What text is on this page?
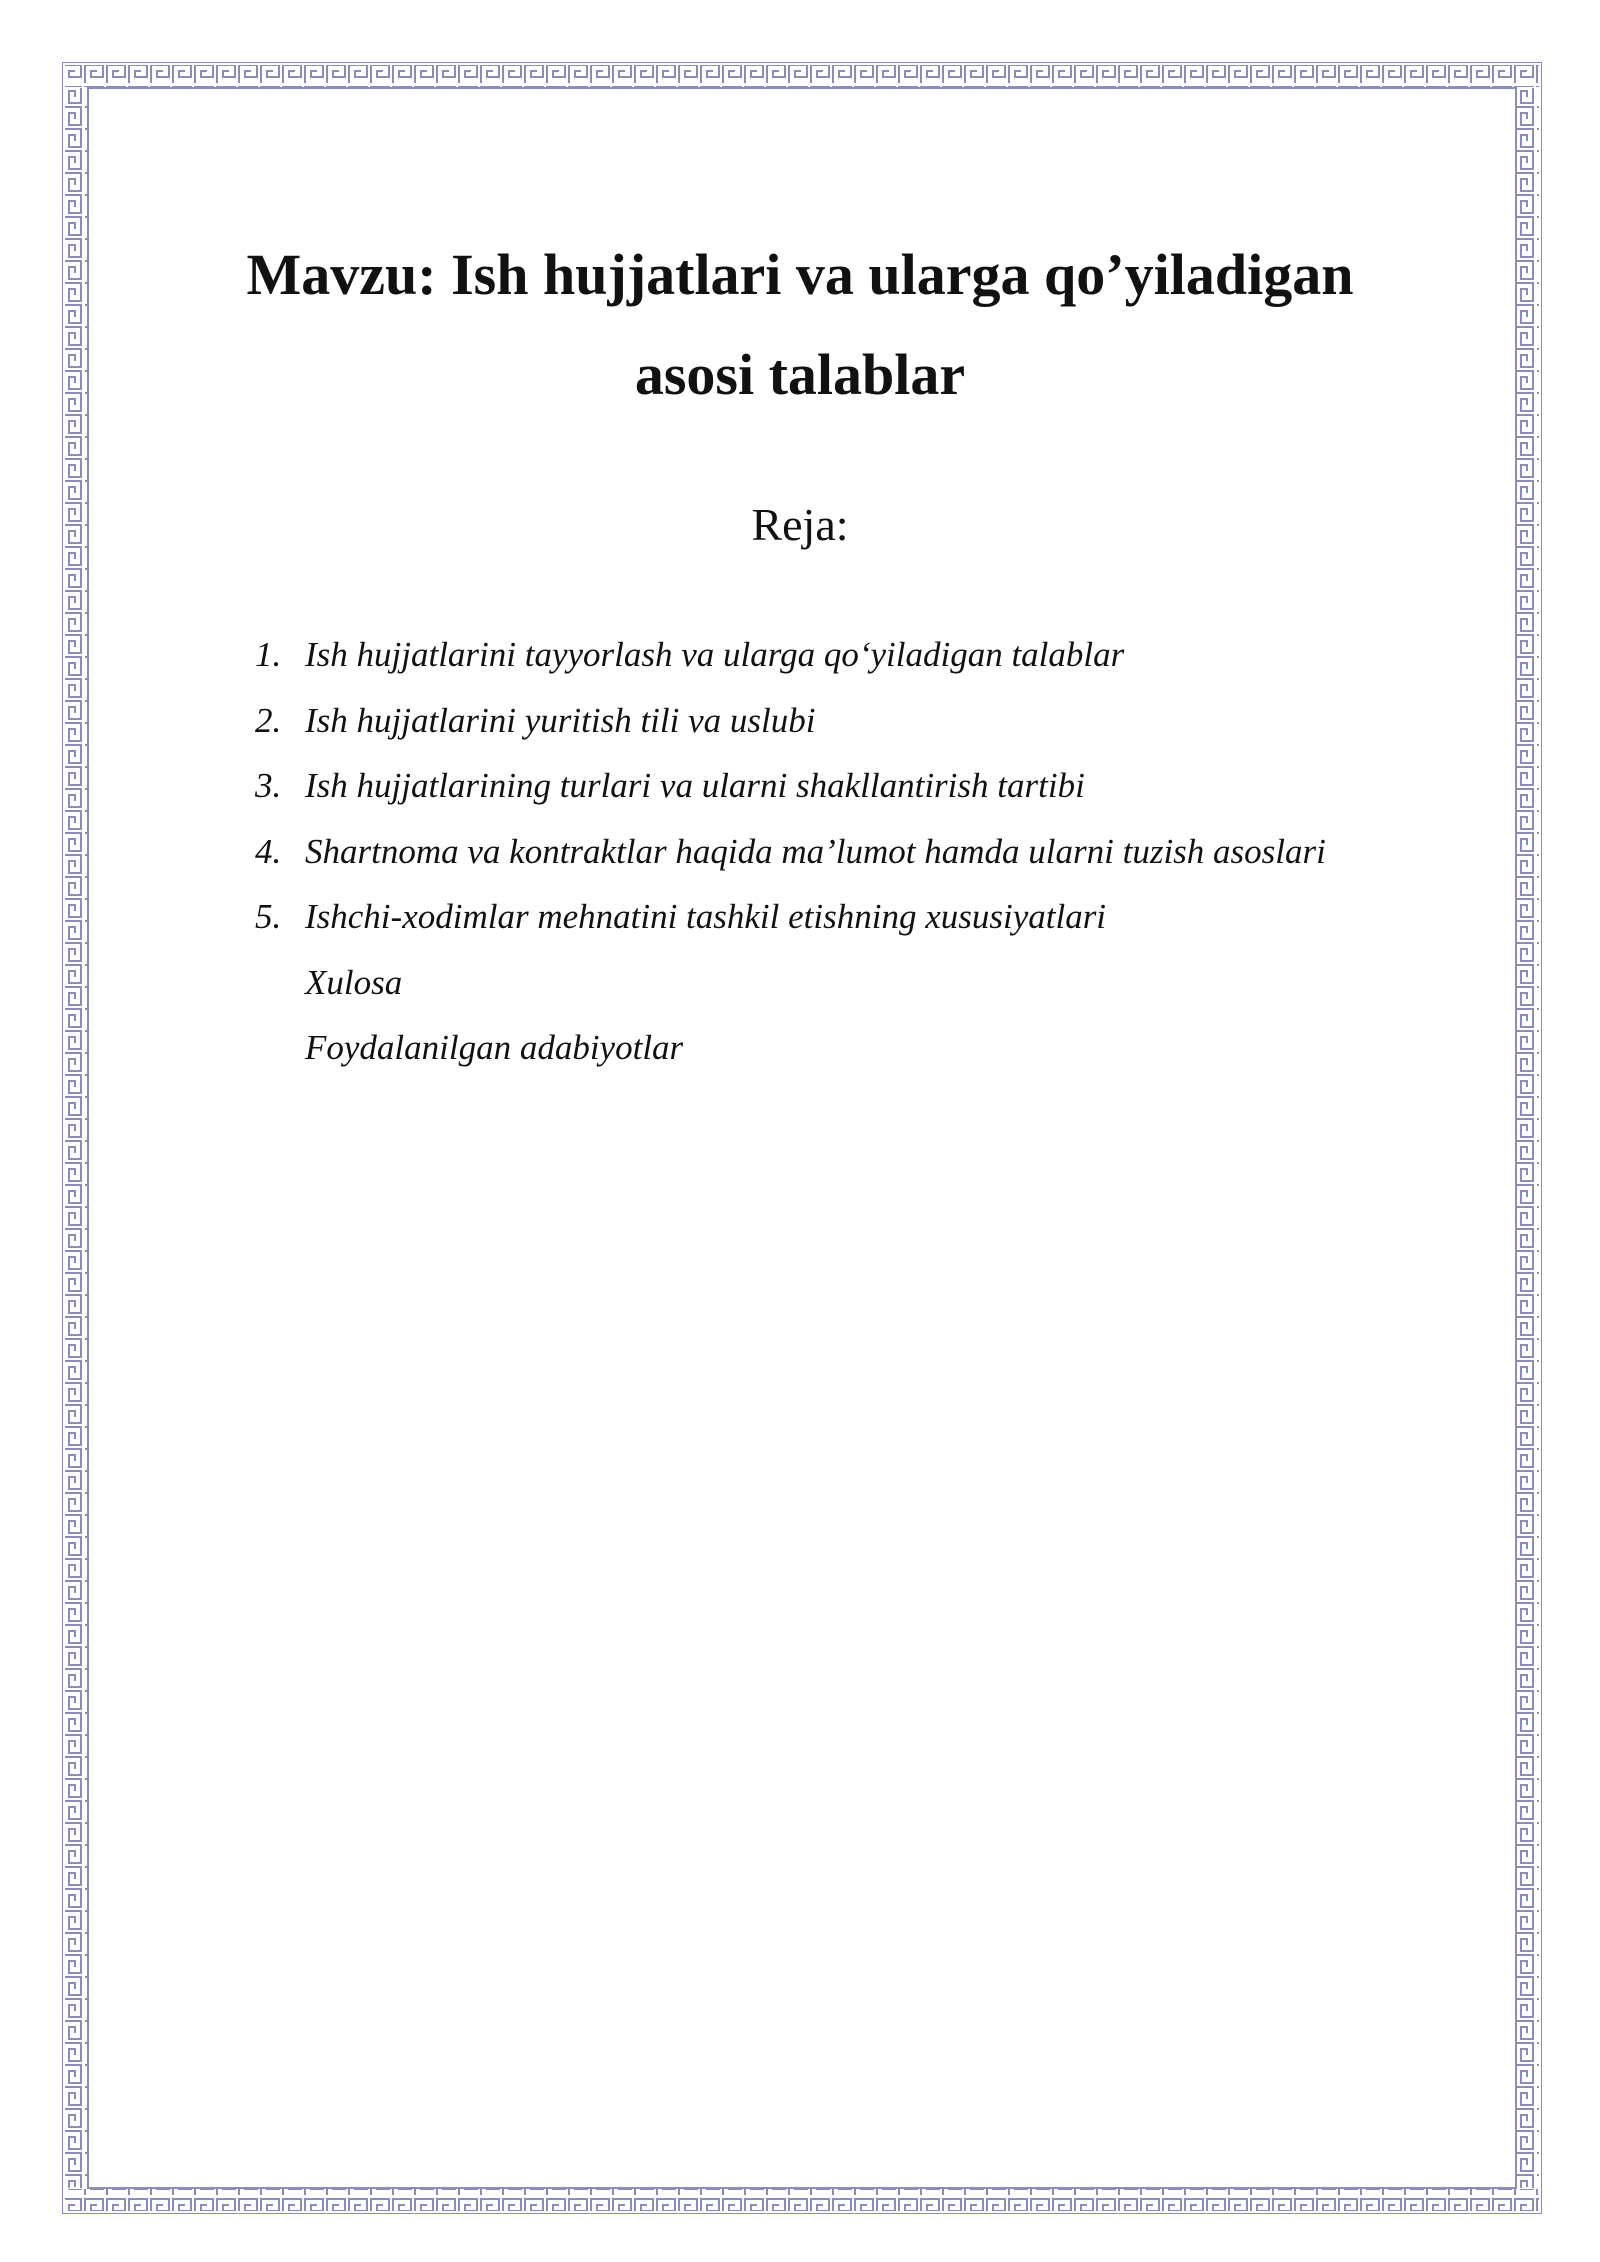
Mavzu: Ish hujjatlari va ularga qo’yiladigan
asosi talablar

Reja:

1. Ish hujjatlarini tayyorlash va ularga qo‘yiladigan talablar
2. Ish hujjatlarini yuritish tili va uslubi
3. Ish hujjatlarining turlari va ularni shakllantirish tartibi
4. Shartnoma va kontraktlar haqida ma’lumot hamda ularni tuzish asoslari
5. Ishchi-xodimlar mehnatini tashkil etishning xususiyatlari
Xulosa
Foydalanilgan adabiyotlar
